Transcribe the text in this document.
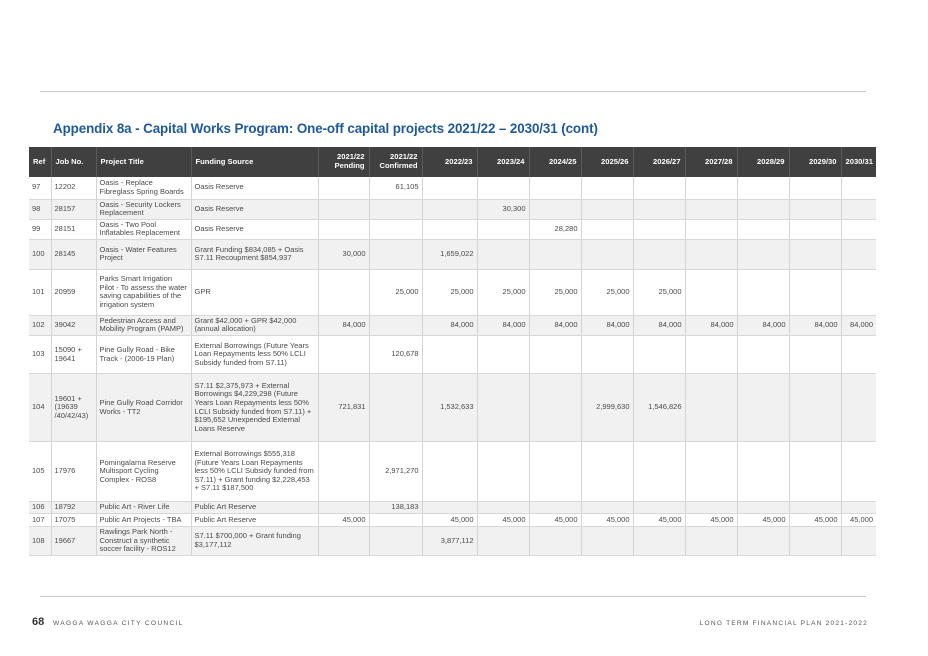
Appendix 8a - Capital Works Program: One-off capital projects 2021/22 – 2030/31 (cont)
Ref	Job No.	Project Title	Funding Source	2021/22 Pending	2021/22 Confirmed	2022/23	2023/24	2024/25	2025/26	2026/27	2027/28	2028/29	2029/30	2030/31
97	12202	Oasis - Replace Fibreglass Spring Boards	Oasis Reserve		61,105									
98	28157	Oasis - Security Lockers Replacement	Oasis Reserve				30,300							
99	28151	Oasis - Two Pool Inflatables Replacement	Oasis Reserve					28,280						
100	28145	Oasis - Water Features Project	Grant Funding $834,085 + Oasis S7.11 Recoupment $854,937	30,000		1,659,022								
101	20959	Parks Smart Irrigation Pilot - To assess the water saving capabilities of the irrigation system	GPR		25,000	25,000	25,000	25,000	25,000	25,000				
102	39042	Pedestrian Access and Mobility Program (PAMP)	Grant $42,000 + GPR $42,000 (annual allocation)	84,000		84,000	84,000	84,000	84,000	84,000	84,000	84,000	84,000	84,000
103	15090 + 19641	Pine Gully Road - Bike Track - (2006-19 Plan)	External Borrowings (Future Years Loan Repayments less 50% LCLI Subsidy funded from S7.11)		120,678									
104	19601 + (19639 /40/42/43)	Pine Gully Road Corridor Works - TT2	S7.11 $2,375,973 + External Borrowings $4,229,298 (Future Years Loan Repayments less 50% LCLI Subsidy funded from S7.11) + $195,652 Unexpended External Loans Reserve	721,831		1,532,633			2,999,630	1,546,826				
105	17976	Pomingalarna Reserve Multisport Cycling Complex - ROS8	External Borrowings $555,318 (Future Years Loan Repayments less 50% LCLI Subsidy funded from S7.11) + Grant funding $2,228,453 + S7.11 $187,500		2,971,270									
106	18792	Public Art - River Life	Public Art Reserve		138,183									
107	17075	Public Art Projects - TBA	Public Art Reserve	45,000		45,000	45,000	45,000	45,000	45,000	45,000	45,000	45,000	45,000
108	19667	Rawlings Park North - Construct a synthetic soccer facility - ROS12	S7.11 $700,000 + Grant funding $3,177,112			3,877,112								
68 WAGGA WAGGA CITY COUNCIL	LONG TERM FINANCIAL PLAN 2021-2022
